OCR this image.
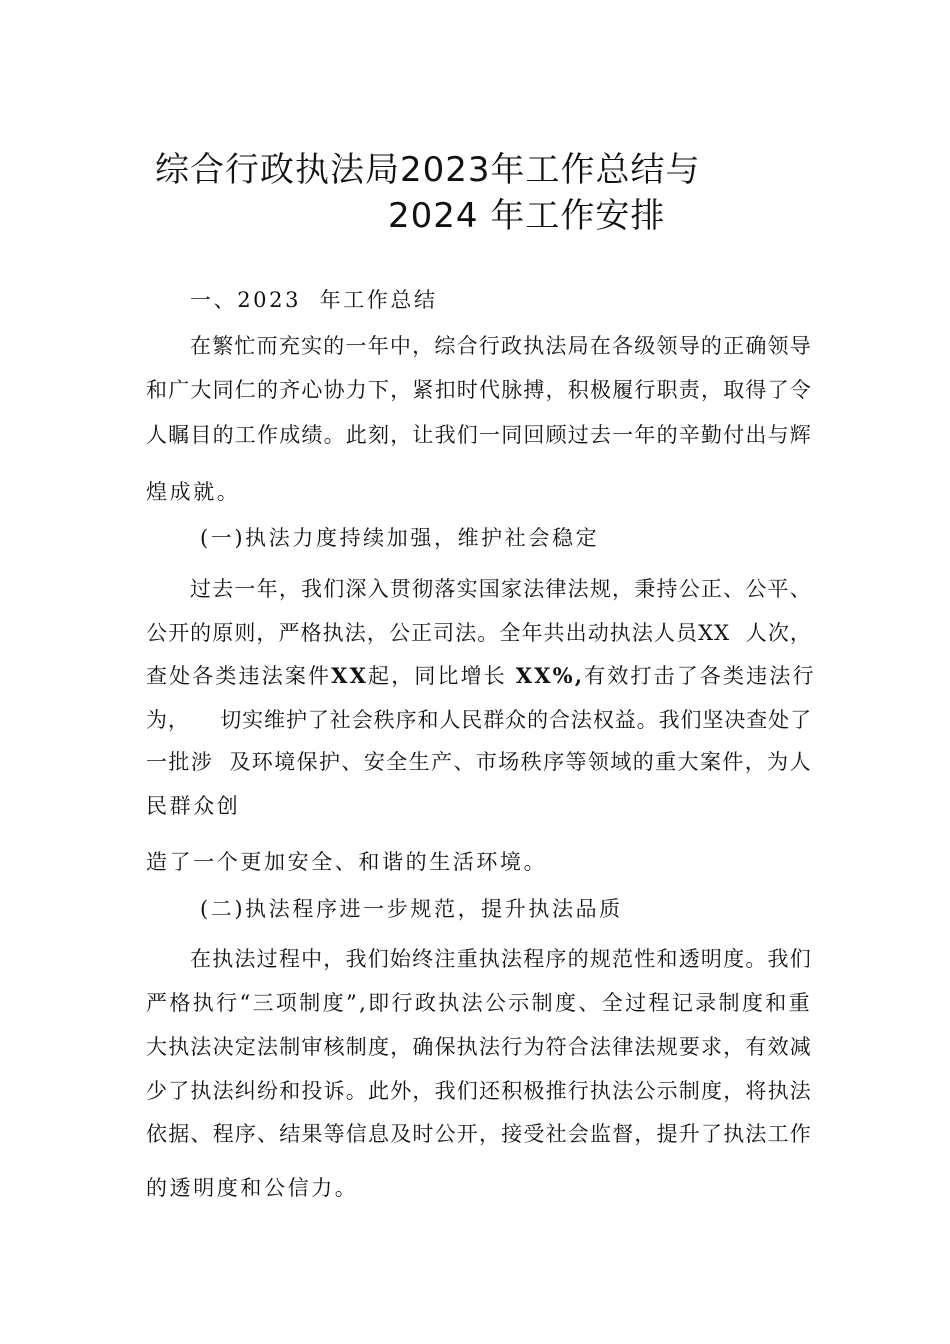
综合行政执法局2023年工作总结与
2024 年工作安排
一、2023  年工作总结
在繁忙而充实的一年中，综合行政执法局在各级领导的正确领导
和广大同仁的齐心协力下，紧扣时代脉搏，积极履行职责，取得了令
人瞩目的工作成绩。此刻，让我们一同回顾过去一年的辛勤付出与辉
煌成就。
(一)执法力度持续加强，维护社会稳定
过去一年，我们深入贯彻落实国家法律法规，秉持公正、公平、
公开的原则，严格执法，公正司法。全年共出动执法人员XX  人次，
查处各类违法案件XX起，同比增长 XX%,有效打击了各类违法行
为，    切实维护了社会秩序和人民群众的合法权益。我们坚决查处了
一批涉  及环境保护、安全生产、市场秩序等领域的重大案件，为人
民群众创
造了一个更加安全、和谐的生活环境。
(二)执法程序进一步规范，提升执法品质
在执法过程中，我们始终注重执法程序的规范性和透明度。我们
严格执行“三项制度”,即行政执法公示制度、全过程记录制度和重
大执法决定法制审核制度，确保执法行为符合法律法规要求，有效减
少了执法纠纷和投诉。此外，我们还积极推行执法公示制度，将执法
依据、程序、结果等信息及时公开，接受社会监督，提升了执法工作
的透明度和公信力。
